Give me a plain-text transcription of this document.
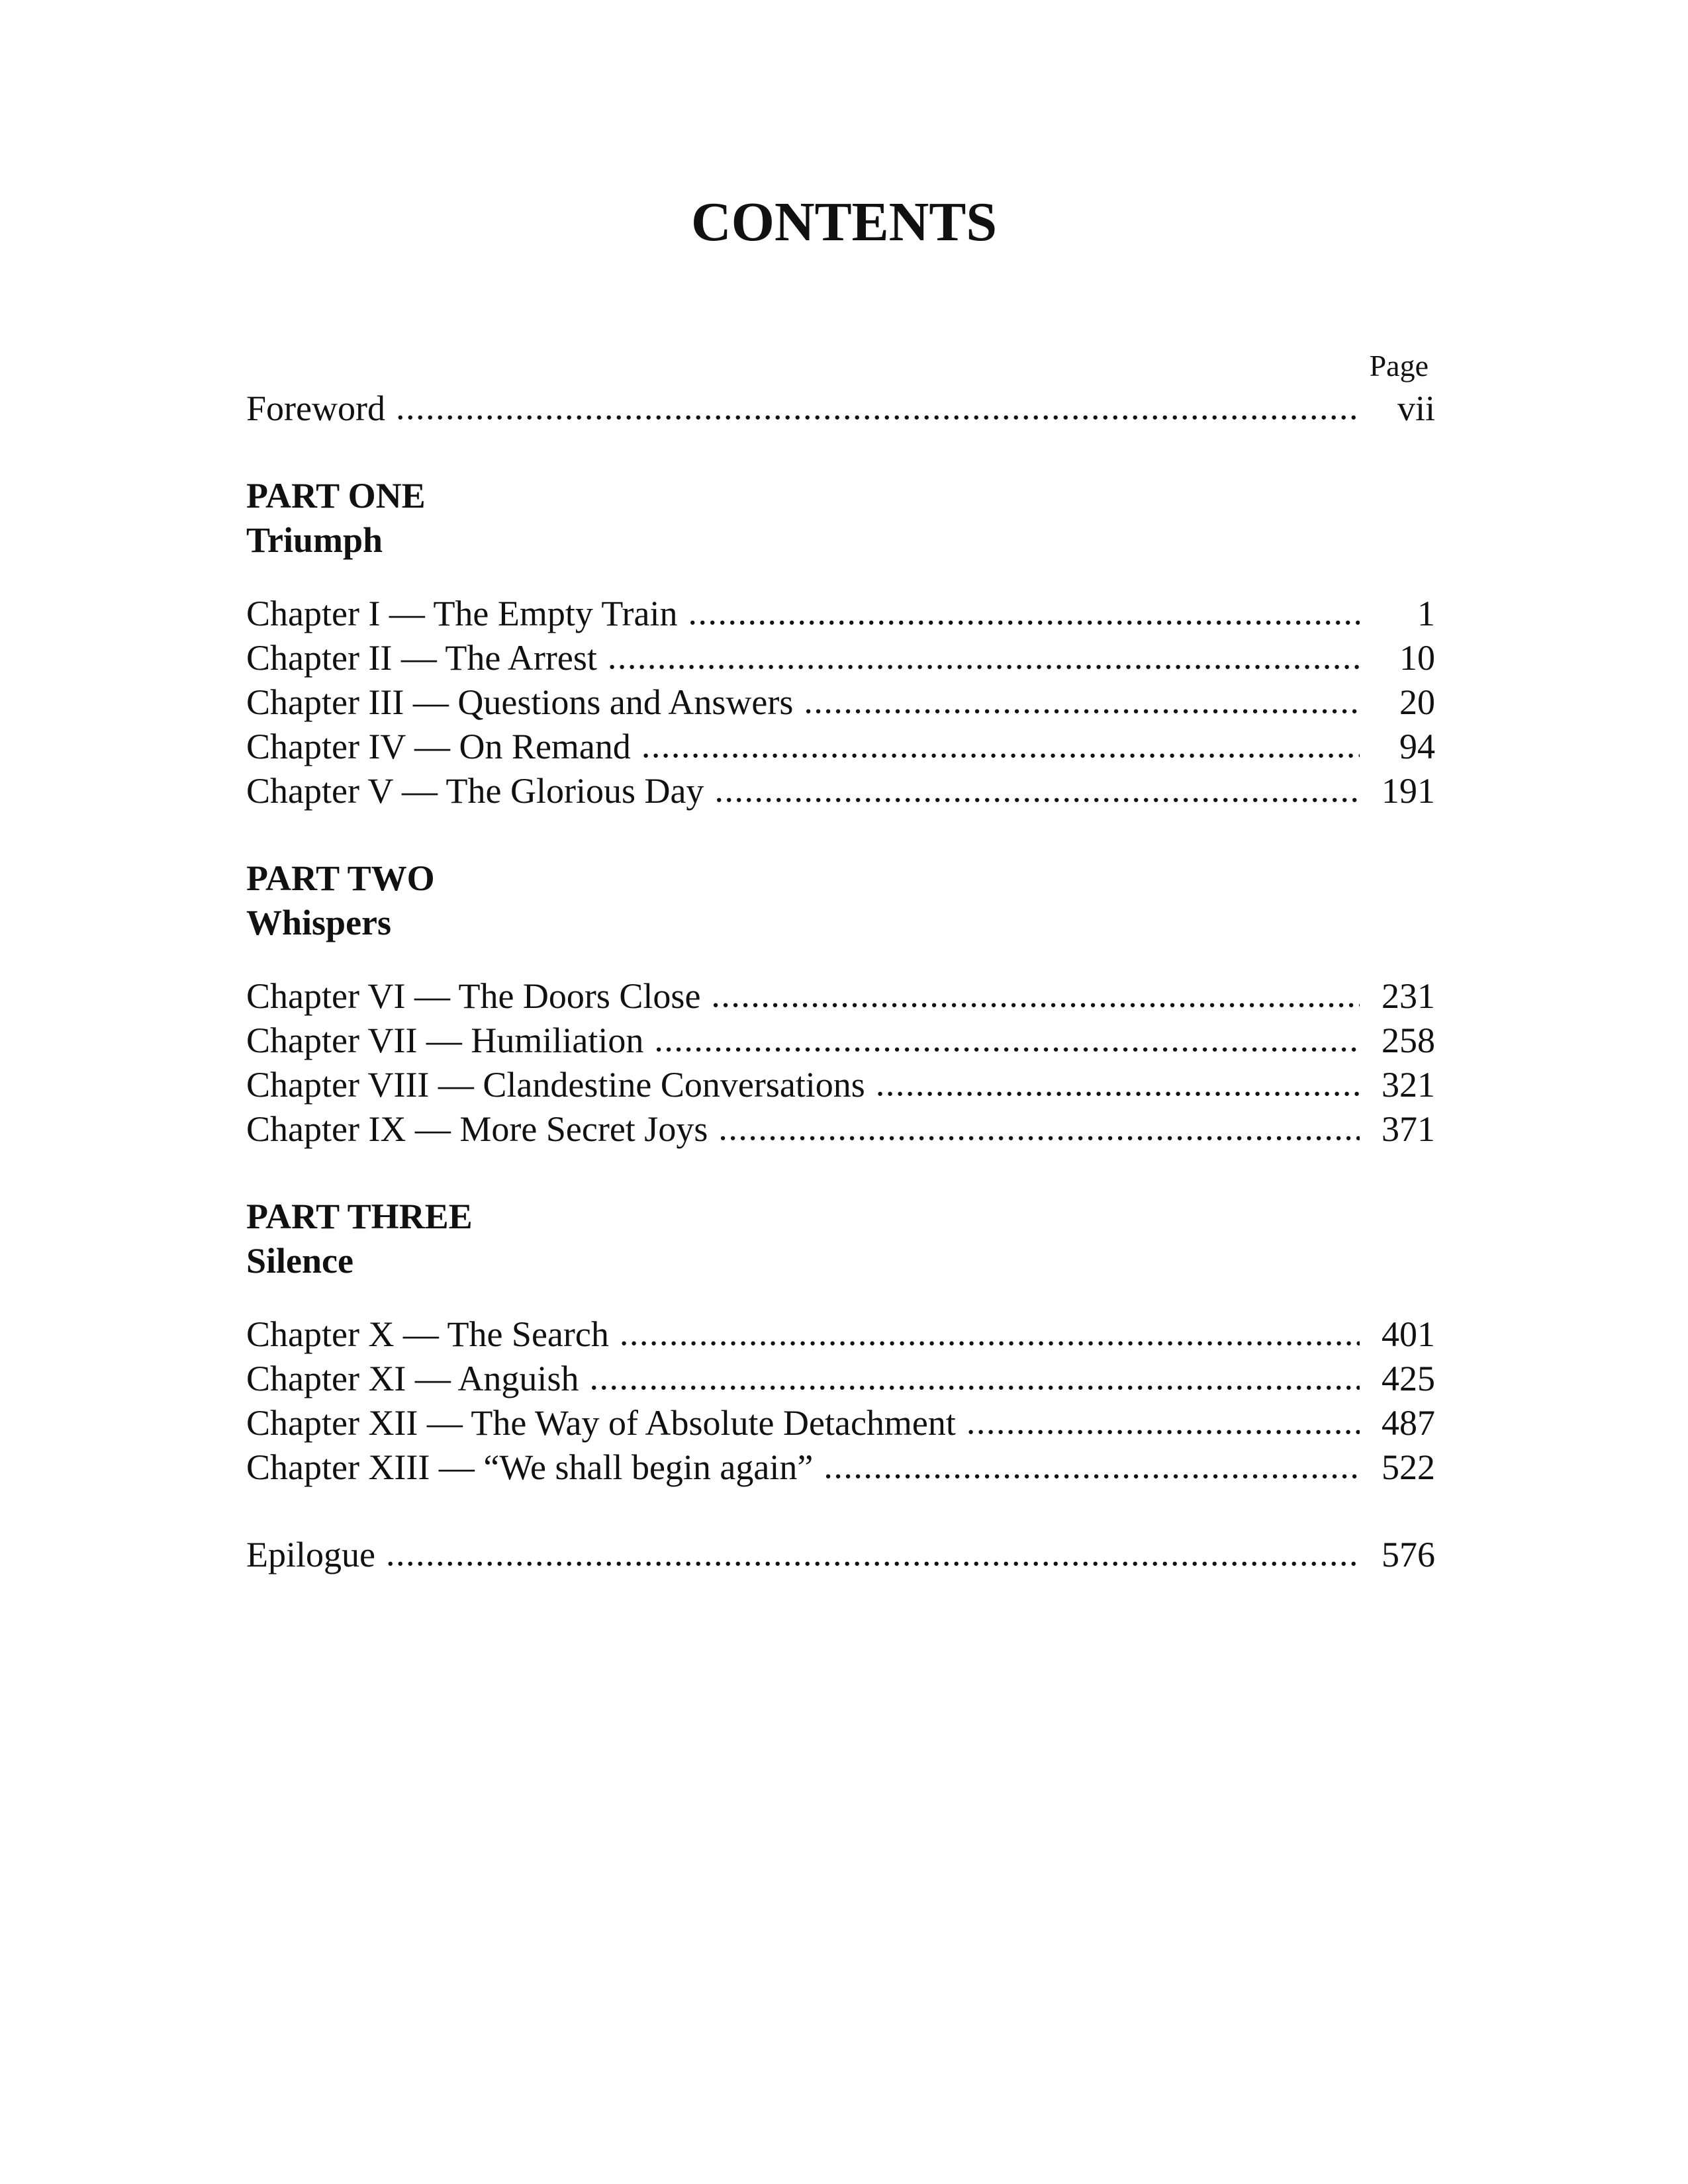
CONTENTS
Page
Foreword . . .	vii
PART ONE
Triumph
Chapter I — The Empty Train . . .	1
Chapter II — The Arrest . . .	10
Chapter III — Questions and Answers . . .	20
Chapter IV — On Remand . . .	94
Chapter V — The Glorious Day . . .	191
PART TWO
Whispers
Chapter VI — The Doors Close . . .	231
Chapter VII — Humiliation . . .	258
Chapter VIII — Clandestine Conversations . . .	321
Chapter IX — More Secret Joys . . .	371
PART THREE
Silence
Chapter X — The Search . . .	401
Chapter XI — Anguish . . .	425
Chapter XII — The Way of Absolute Detachment . . .	487
Chapter XIII — “We shall begin again” . . .	522
Epilogue . . .	576
